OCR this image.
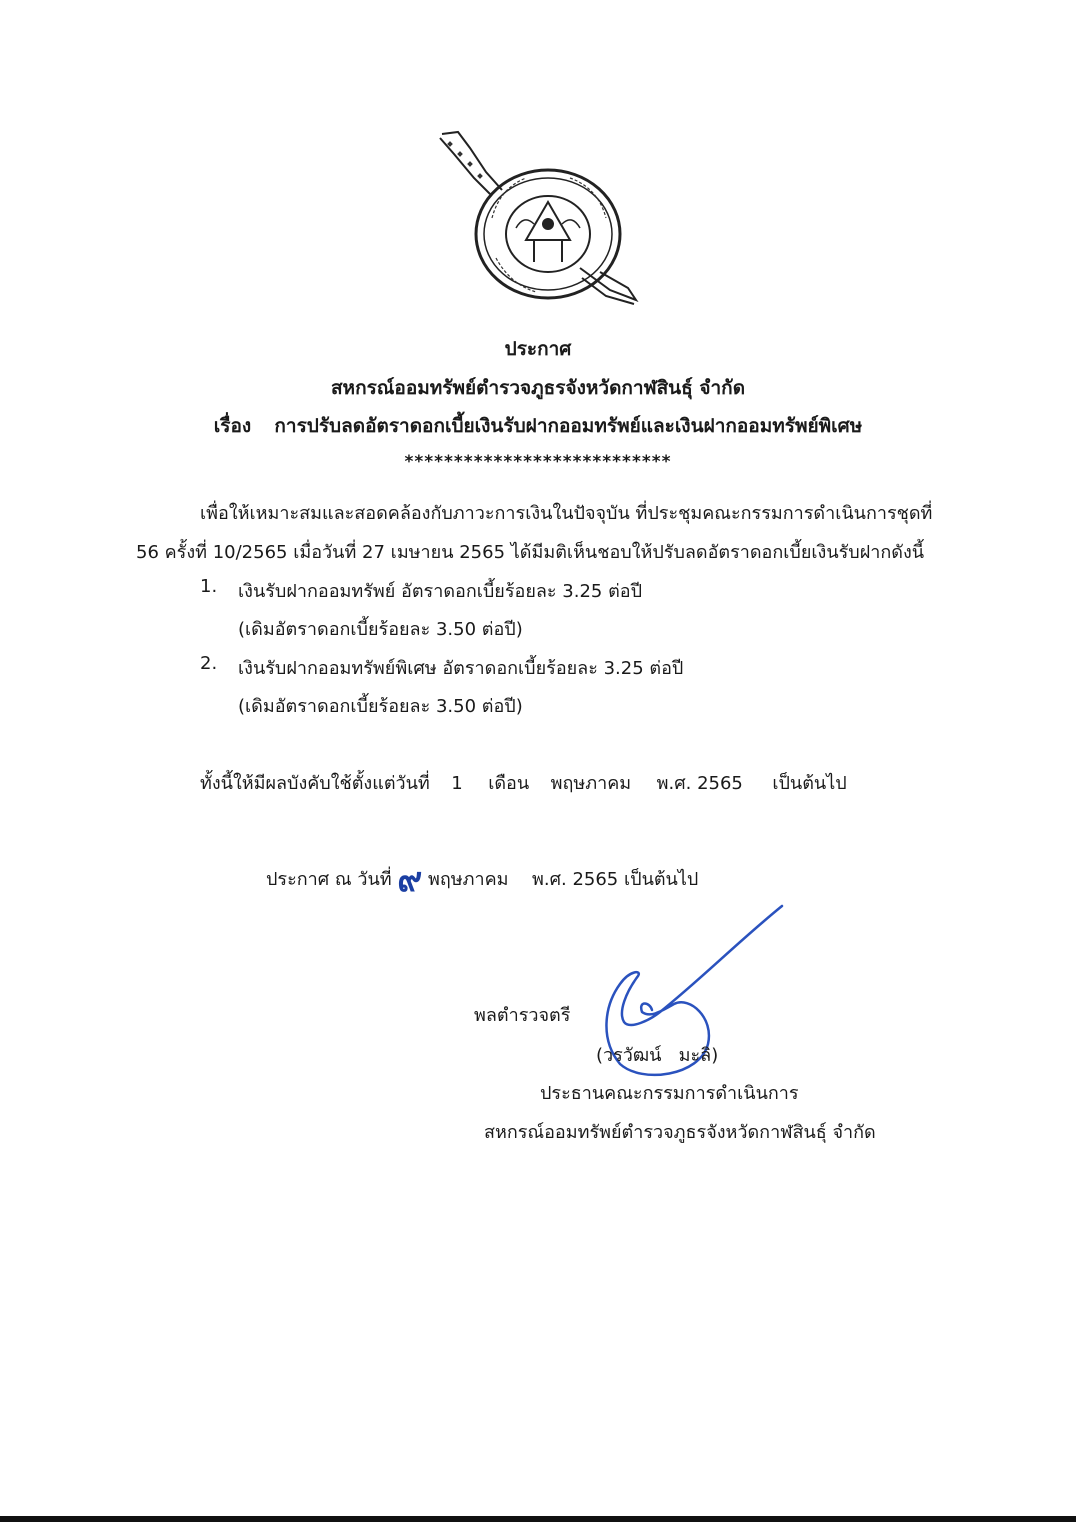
ประกาศ
สหกรณ์ออมทรัพย์ตำรวจภูธรจังหวัดกาฬสินธุ์ จำกัด
เรื่อง การปรับลดอัตราดอกเบี้ยเงินรับฝากออมทรัพย์และเงินฝากออมทรัพย์พิเศษ
***************************
เพื่อให้เหมาะสมและสอดคล้องกับภาวะการเงินในปัจจุบัน ที่ประชุมคณะกรรมการดำเนินการชุดที่
56 ครั้งที่ 10/2565 เมื่อวันที่ 27 เมษายน 2565 ได้มีมติเห็นชอบให้ปรับลดอัตราดอกเบี้ยเงินรับฝากดังนี้
1. เงินรับฝากออมทรัพย์ อัตราดอกเบี้ยร้อยละ 3.25 ต่อปี
(เดิมอัตราดอกเบี้ยร้อยละ 3.50 ต่อปี)
2. เงินรับฝากออมทรัพย์พิเศษ อัตราดอกเบี้ยร้อยละ 3.25 ต่อปี
(เดิมอัตราดอกเบี้ยร้อยละ 3.50 ต่อปี)
ทั้งนี้ให้มีผลบังคับใช้ตั้งแต่วันที่ 1 เดือน พฤษภาคม พ.ศ. 2565 เป็นต้นไป
ประกาศ ณ วันที่ ๙ พฤษภาคม พ.ศ. 2565 เป็นต้นไป
พลตำรวจตรี
(วรวัฒน์   มะลิ)
ประธานคณะกรรมการดำเนินการ
สหกรณ์ออมทรัพย์ตำรวจภูธรจังหวัดกาฬสินธุ์ จำกัด
